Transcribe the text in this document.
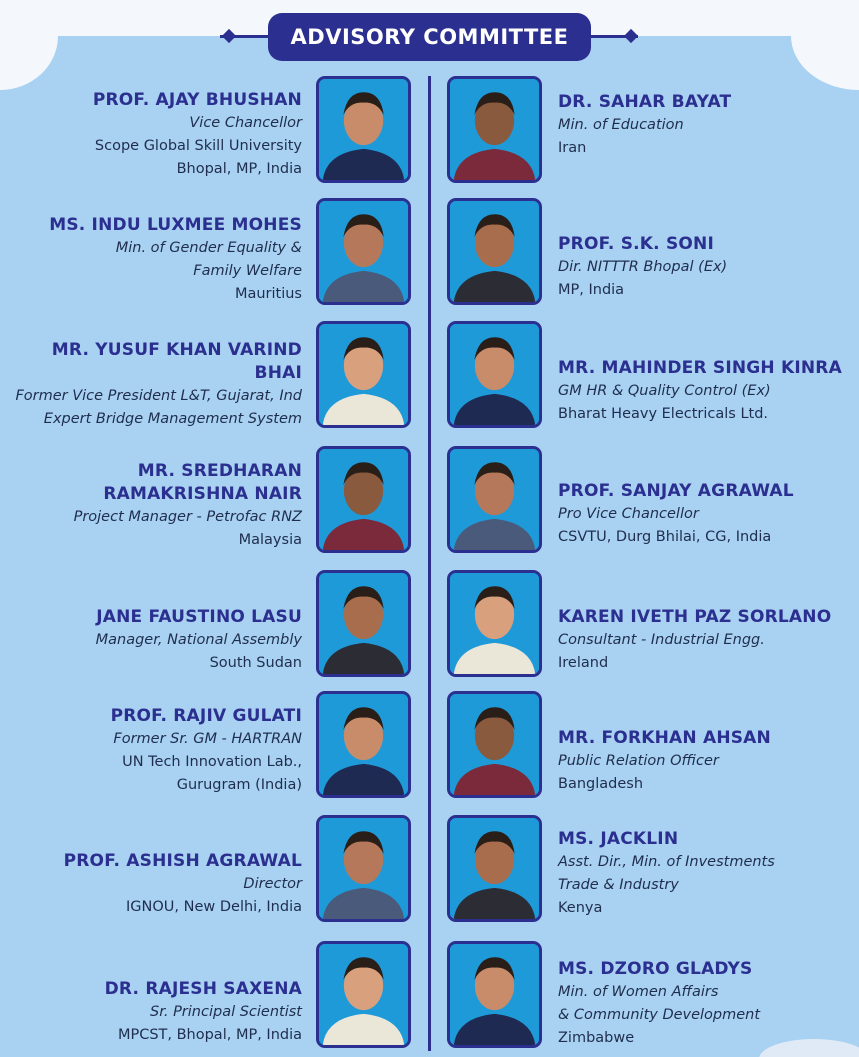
ADVISORY COMMITTEE
PROF. AJAY BHUSHAN
Vice Chancellor
Scope Global Skill University
Bhopal, MP, India
MS. INDU LUXMEE MOHES
Min. of Gender Equality &
Family Welfare
Mauritius
MR. YUSUF KHAN VARIND BHAI
Former Vice President L&T, Gujarat, Ind
Expert Bridge Management System
MR. SREDHARAN RAMAKRISHNA NAIR
Project Manager - Petrofac RNZ
Malaysia
JANE FAUSTINO LASU
Manager, National Assembly
South Sudan
PROF. RAJIV GULATI
Former Sr. GM - HARTRAN
UN Tech Innovation Lab.,
Gurugram (India)
PROF. ASHISH AGRAWAL
Director
IGNOU, New Delhi, India
DR. RAJESH SAXENA
Sr. Principal Scientist
MPCST, Bhopal, MP, India
DR. SAHAR BAYAT
Min. of Education
Iran
PROF. S.K. SONI
Dir. NITTTR Bhopal (Ex)
MP, India
MR. MAHINDER SINGH KINRA
GM HR & Quality Control (Ex)
Bharat Heavy Electricals Ltd.
PROF. SANJAY AGRAWAL
Pro Vice Chancellor
CSVTU, Durg Bhilai, CG, India
KAREN IVETH PAZ SORLANO
Consultant - Industrial Engg.
Ireland
MR. FORKHAN AHSAN
Public Relation Officer
Bangladesh
MS. JACKLIN
Asst. Dir., Min. of Investments
Trade & Industry
Kenya
MS. DZORO GLADYS
Min. of Women Affairs
& Community Development
Zimbabwe
